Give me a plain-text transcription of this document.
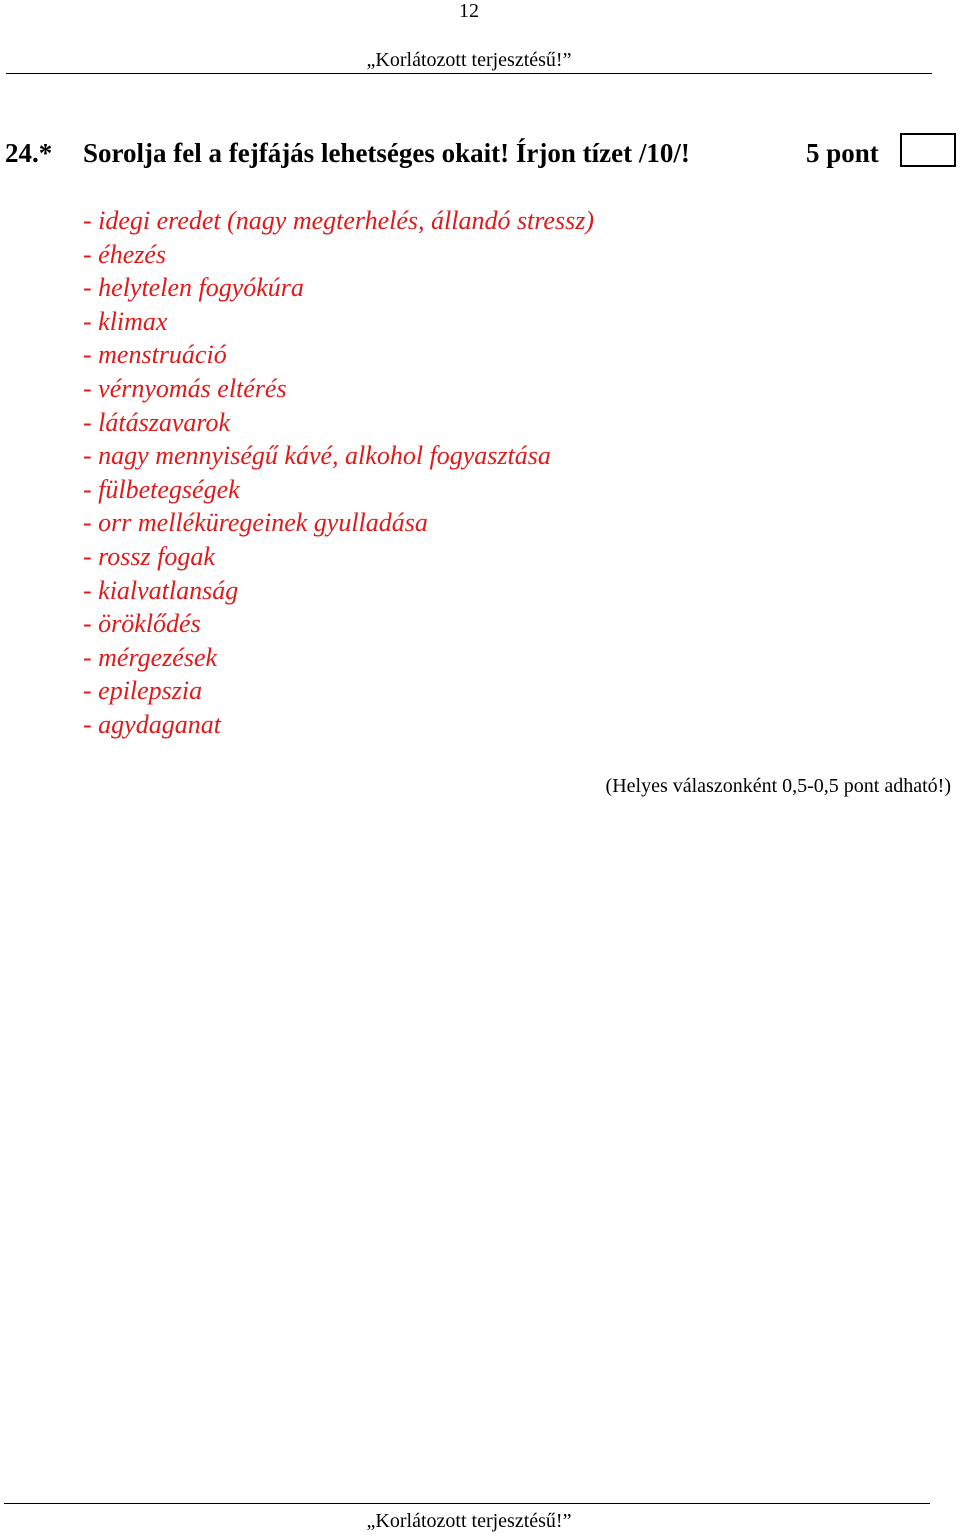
12
„Korlátozott terjesztésű!”
24.* Sorolja fel a fejfájás lehetséges okait! Írjon tízet /10/!	5 pont
- idegi eredet (nagy megterhelés, állandó stressz)
- éhezés
- helytelen fogyókúra
- klimax
- menstruáció
- vérnyomás eltérés
- látászavarok
- nagy mennyiségű kávé, alkohol fogyasztása
- fülbetegségek
- orr melléküregeinek gyulladása
- rossz fogak
- kialvatlanság
- öröklődés
- mérgezések
- epilepszia
- agydaganat
(Helyes válaszonként 0,5-0,5 pont adható!)
„Korlátozott terjesztésű!”
